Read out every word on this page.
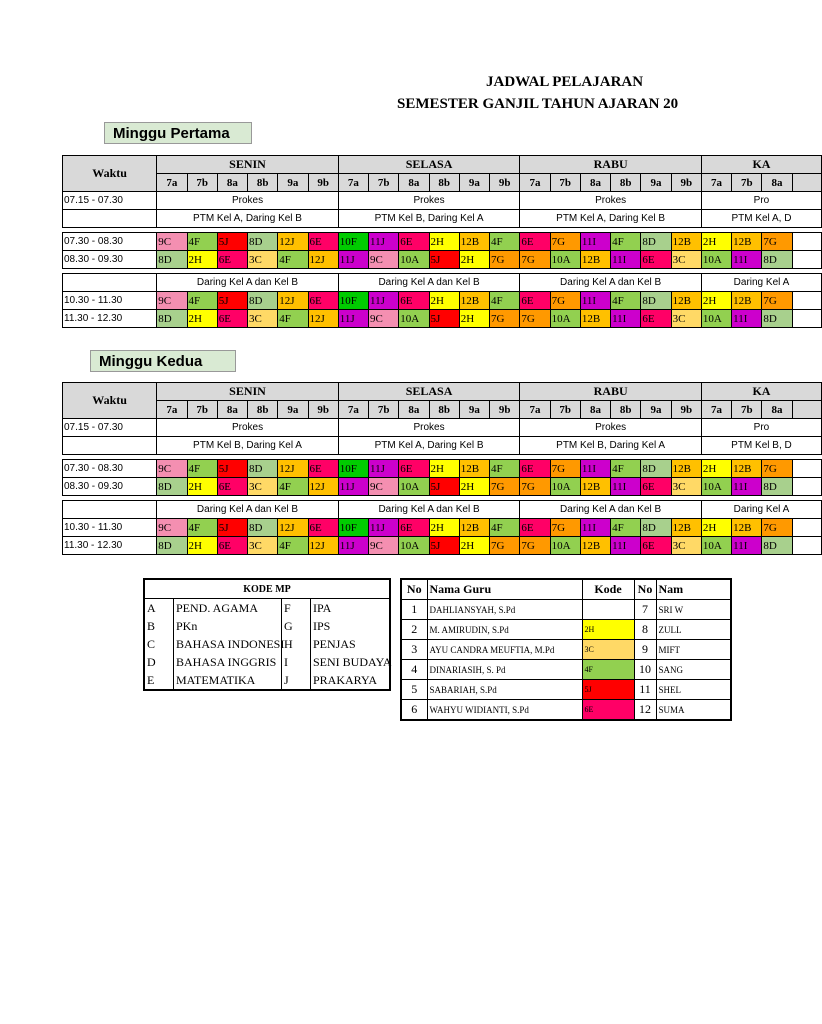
JADWAL PELAJARAN
SEMESTER GANJIL TAHUN AJARAN 20
Minggu Pertama
Waktu	SENIN						SELASA						RABU						KA			
	7a	7b	8a	8b	9a	9b	7a	7b	8a	8b	9a	9b	7a	7b	8a	8b	9a	9b	7a	7b	8a	
07.15 - 07.30	Prokes						Prokes						Prokes						Pro			
	PTM Kel A, Daring Kel B						PTM Kel B, Daring Kel A						PTM Kel A, Daring Kel B						PTM Kel A, D			

07.30 - 08.30	9C	4F	5J	8D	12J	6E	10F	11J	6E	2H	12B	4F	6E	7G	11I	4F	8D	12B	2H	12B	7G	
08.30 - 09.30	8D	2H	6E	3C	4F	12J	11J	9C	10A	5J	2H	7G	7G	10A	12B	11I	6E	3C	10A	11I	8D	

	Daring Kel A dan Kel B						Daring Kel A dan Kel B						Daring Kel A dan Kel B						Daring Kel A			
10.30 - 11.30	9C	4F	5J	8D	12J	6E	10F	11J	6E	2H	12B	4F	6E	7G	11I	4F	8D	12B	2H	12B	7G	
11.30 - 12.30	8D	2H	6E	3C	4F	12J	11J	9C	10A	5J	2H	7G	7G	10A	12B	11I	6E	3C	10A	11I	8D	
Minggu Kedua
Waktu	SENIN						SELASA						RABU						KA			
	7a	7b	8a	8b	9a	9b	7a	7b	8a	8b	9a	9b	7a	7b	8a	8b	9a	9b	7a	7b	8a	
07.15 - 07.30	Prokes						Prokes						Prokes						Pro			
	PTM Kel B, Daring Kel A						PTM Kel A, Daring Kel B						PTM Kel B, Daring Kel A						PTM Kel B, D			

07.30 - 08.30	9C	4F	5J	8D	12J	6E	10F	11J	6E	2H	12B	4F	6E	7G	11I	4F	8D	12B	2H	12B	7G	
08.30 - 09.30	8D	2H	6E	3C	4F	12J	11J	9C	10A	5J	2H	7G	7G	10A	12B	11I	6E	3C	10A	11I	8D	

	Daring Kel A dan Kel B						Daring Kel A dan Kel B						Daring Kel A dan Kel B						Daring Kel A			
10.30 - 11.30	9C	4F	5J	8D	12J	6E	10F	11J	6E	2H	12B	4F	6E	7G	11I	4F	8D	12B	2H	12B	7G	
11.30 - 12.30	8D	2H	6E	3C	4F	12J	11J	9C	10A	5J	2H	7G	7G	10A	12B	11I	6E	3C	10A	11I	8D	
KODE MP			
A	PEND. AGAMA	F	IPA
B	PKn	G	IPS
C	BAHASA INDONESI	H	PENJAS
D	BAHASA INGGRIS	I	SENI BUDAYA
E	MATEMATIKA	J	PRAKARYA
No	Nama Guru	Kode	No	Nam
1	DAHLIANSYAH, S.Pd		7	SRI W
2	M. AMIRUDIN, S.Pd	2H	8	ZULL
3	AYU CANDRA MEUFTIA, M.Pd	3C	9	MIFT
4	DINARIASIH, S. Pd	4F	10	SANG
5	SABARIAH, S.Pd	5J	11	SHEL
6	WAHYU WIDIANTI, S.Pd	6E	12	SUMA
